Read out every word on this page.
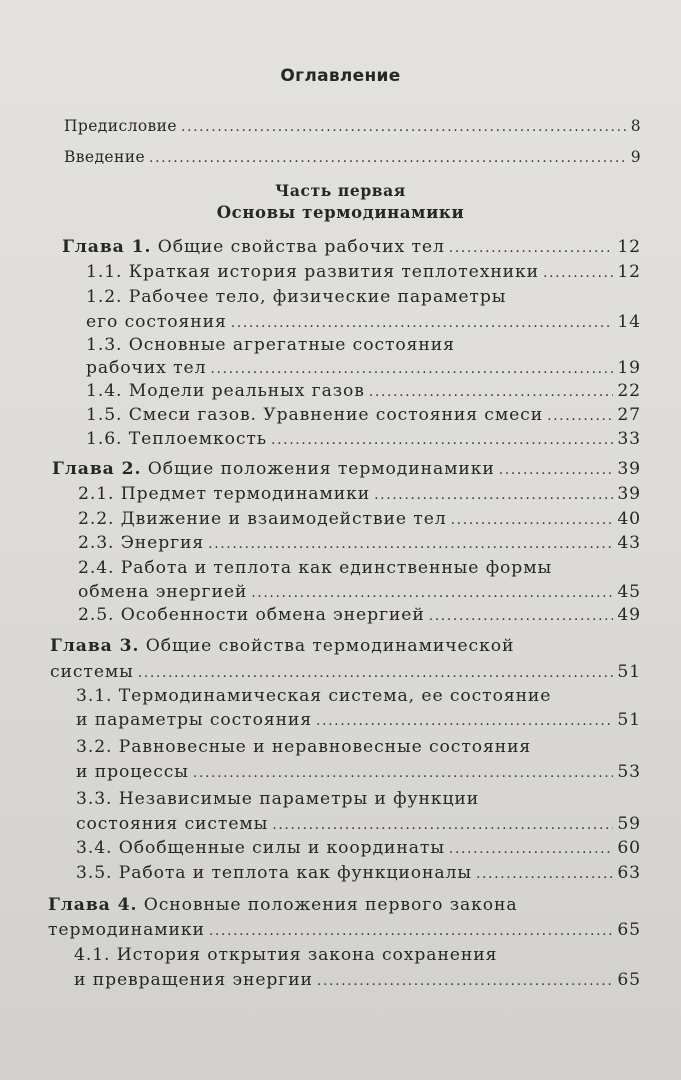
Оглавление
Предисловие .....	8
Введение .....	9
Часть первая
Основы термодинамики
Глава 1. Общие свойства рабочих тел .....	12
1.1. Краткая история развития теплотехники .....	12
1.2. Рабочее тело, физические параметры
его состояния .....	14
1.3. Основные агрегатные состояния
рабочих тел .....	19
1.4. Модели реальных газов .....	22
1.5. Смеси газов. Уравнение состояния смеси .....	27
1.6. Теплоемкость .....	33
Глава 2. Общие положения термодинамики .....	39
2.1. Предмет термодинамики .....	39
2.2. Движение и взаимодействие тел .....	40
2.3. Энергия .....	43
2.4. Работа и теплота как единственные формы
обмена энергией .....	45
2.5. Особенности обмена энергией .....	49
Глава 3. Общие свойства термодинамической
системы .....	51
3.1. Термодинамическая система, ее состояние
и параметры состояния .....	51
3.2. Равновесные и неравновесные состояния
и процессы .....	53
3.3. Независимые параметры и функции
состояния системы .....	59
3.4. Обобщенные силы и координаты .....	60
3.5. Работа и теплота как функционалы .....	63
Глава 4. Основные положения первого закона
термодинамики .....	65
4.1. История открытия закона сохранения
и превращения энергии .....	65
